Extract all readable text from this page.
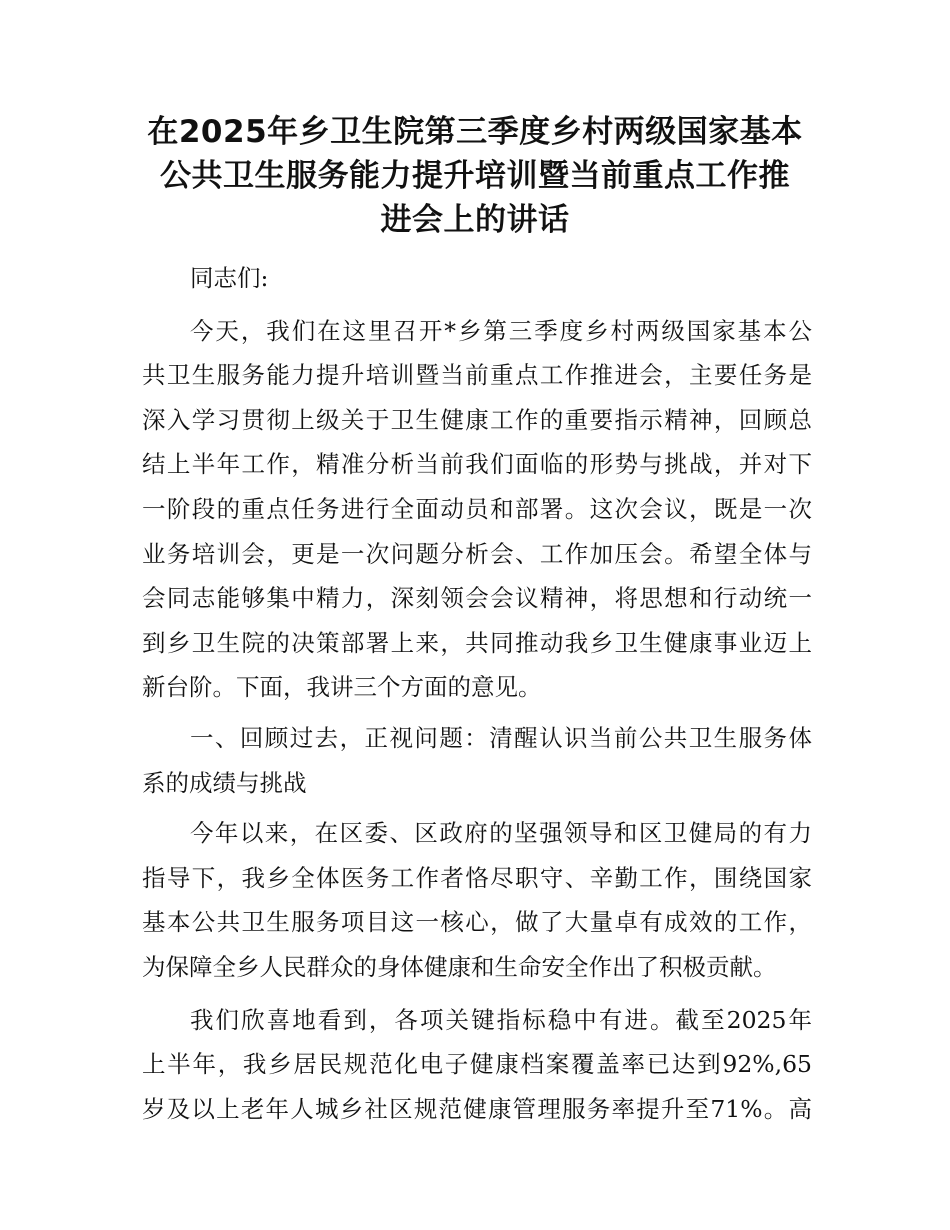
在2025年乡卫生院第三季度乡村两级国家基本
公共卫生服务能力提升培训暨当前重点工作推
进会上的讲话

同志们:

今天，我们在这里召开*乡第三季度乡村两级国家基本公
共卫生服务能力提升培训暨当前重点工作推进会，主要任务是
深入学习贯彻上级关于卫生健康工作的重要指示精神，回顾总
结上半年工作，精准分析当前我们面临的形势与挑战，并对下
一阶段的重点任务进行全面动员和部署。这次会议，既是一次
业务培训会，更是一次问题分析会、工作加压会。希望全体与
会同志能够集中精力，深刻领会会议精神，将思想和行动统一
到乡卫生院的决策部署上来，共同推动我乡卫生健康事业迈上
新台阶。下面，我讲三个方面的意见。

一、回顾过去，正视问题：清醒认识当前公共卫生服务体
系的成绩与挑战

今年以来，在区委、区政府的坚强领导和区卫健局的有力
指导下，我乡全体医务工作者恪尽职守、辛勤工作，围绕国家
基本公共卫生服务项目这一核心，做了大量卓有成效的工作，
为保障全乡人民群众的身体健康和生命安全作出了积极贡献。

我们欣喜地看到，各项关键指标稳中有进。截至2025年
上半年，我乡居民规范化电子健康档案覆盖率已达到92%,65
岁及以上老年人城乡社区规范健康管理服务率提升至71%。高
